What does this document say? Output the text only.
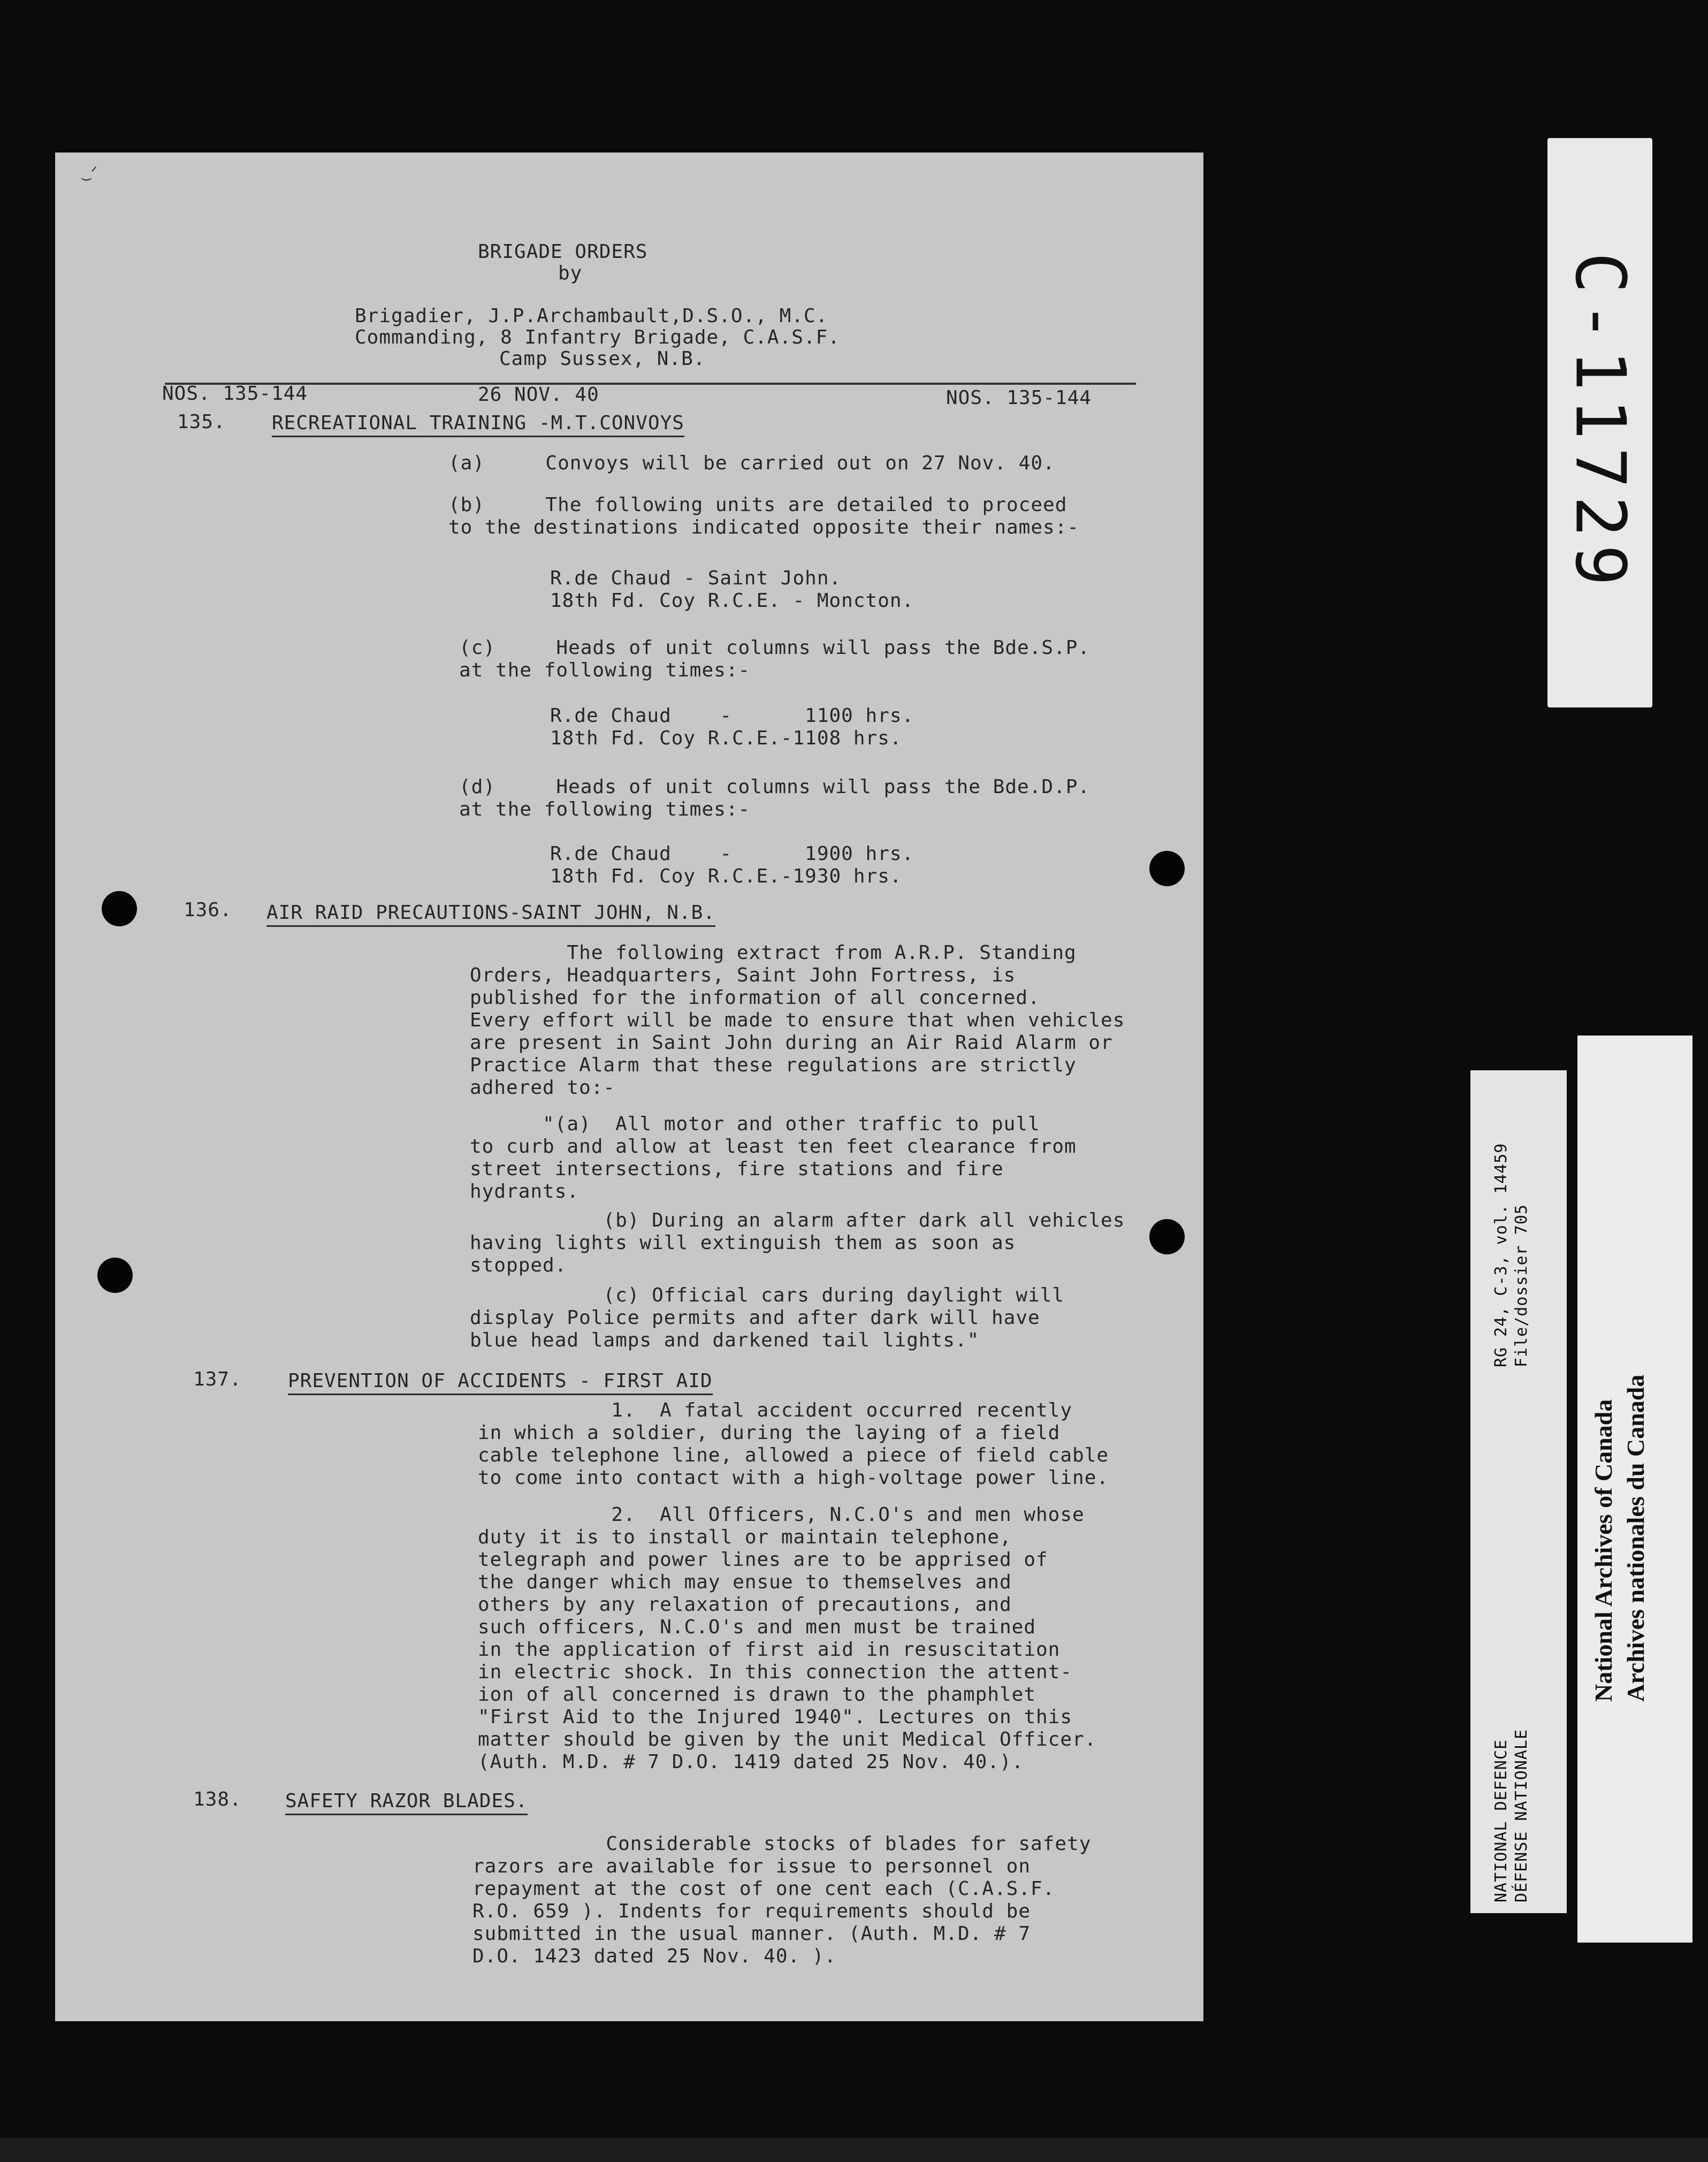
‿ᐟ
BRIGADE ORDERS
by
Brigadier, J.P.Archambault,D.S.O., M.C.
Commanding, 8 Infantry Brigade, C.A.S.F.
Camp Sussex, N.B.
NOS. 135-144	26 NOV. 40	NOS. 135-144
135. RECREATIONAL TRAINING -M.T.CONVOYS
(a)     Convoys will be carried out on 27 Nov. 40.
(b)     The following units are detailed to proceed
to the destinations indicated opposite their names:-
R.de Chaud - Saint John.
18th Fd. Coy R.C.E. - Moncton.
(c)     Heads of unit columns will pass the Bde.S.P.
at the following times:-
R.de Chaud    -      1100 hrs.
18th Fd. Coy R.C.E.-1108 hrs.
(d)     Heads of unit columns will pass the Bde.D.P.
at the following times:-
R.de Chaud    -      1900 hrs.
18th Fd. Coy R.C.E.-1930 hrs.
136. AIR RAID PRECAUTIONS-SAINT JOHN, N.B.
The following extract from A.R.P. Standing
Orders, Headquarters, Saint John Fortress, is
published for the information of all concerned.
Every effort will be made to ensure that when vehicles
are present in Saint John during an Air Raid Alarm or
Practice Alarm that these regulations are strictly
adhered to:-
"(a)  All motor and other traffic to pull
to curb and allow at least ten feet clearance from
street intersections, fire stations and fire
hydrants.
(b) During an alarm after dark all vehicles
having lights will extinguish them as soon as
stopped.
(c) Official cars during daylight will
display Police permits and after dark will have
blue head lamps and darkened tail lights."
137. PREVENTION OF ACCIDENTS - FIRST AID
1.  A fatal accident occurred recently
in which a soldier, during the laying of a field
cable telephone line, allowed a piece of field cable
to come into contact with a high-voltage power line.
2.  All Officers, N.C.O's and men whose
duty it is to install or maintain telephone,
telegraph and power lines are to be apprised of
the danger which may ensue to themselves and
others by any relaxation of precautions, and
such officers, N.C.O's and men must be trained
in the application of first aid in resuscitation
in electric shock. In this connection the attent-
ion of all concerned is drawn to the phamphlet
"First Aid to the Injured 1940". Lectures on this
matter should be given by the unit Medical Officer.
(Auth. M.D. # 7 D.O. 1419 dated 25 Nov. 40.).
138. SAFETY RAZOR BLADES.
Considerable stocks of blades for safety
razors are available for issue to personnel on
repayment at the cost of one cent each (C.A.S.F.
R.O. 659 ). Indents for requirements should be
submitted in the usual manner. (Auth. M.D. # 7
D.O. 1423 dated 25 Nov. 40. ).
C-11729
RG 24, C-3, vol. 14459 File/dossier 705
NATIONAL DEFENCE DÉFENSE NATIONALE
National Archives of Canada Archives nationales du Canada
